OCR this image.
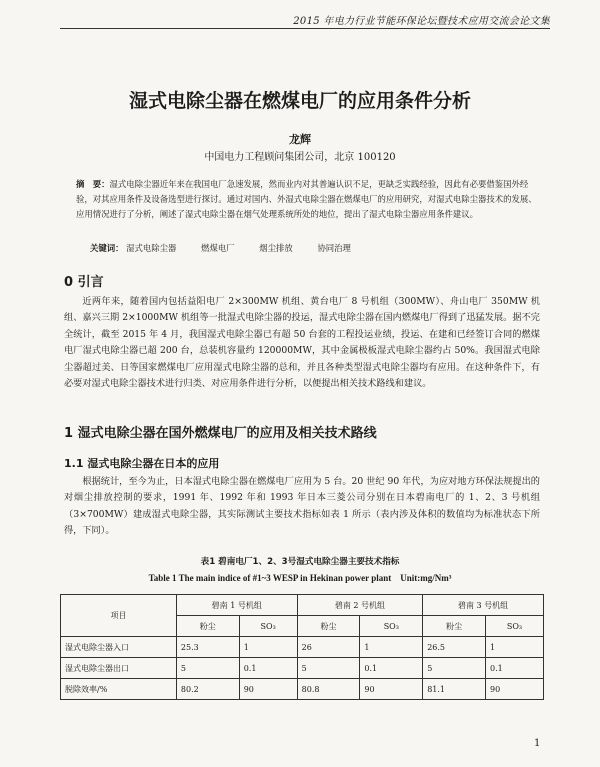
2015 年电力行业节能环保论坛暨技术应用交流会论文集
湿式电除尘器在燃煤电厂的应用条件分析
龙辉
中国电力工程顾问集团公司，北京 100120
摘　要：湿式电除尘器近年来在我国电厂急速发展，然而业内对其普遍认识不足，更缺乏实践经验，因此有必要借鉴国外经验，对其应用条件及设备选型进行探讨。通过对国内、外湿式电除尘器在燃煤电厂的应用研究，对湿式电除尘器技术的发展、应用情况进行了分析，阐述了湿式电除尘器在烟气处理系统所处的地位，提出了湿式电除尘器应用条件建议。
关键词： 湿式电除尘器	燃煤电厂	烟尘排放	协同治理
0 引言
近两年来，随着国内包括益阳电厂 2×300MW 机组、黄台电厂 8 号机组（300MW）、舟山电厂 350MW 机组、嘉兴三期 2×1000MW 机组等一批湿式电除尘器的投运，湿式电除尘器在国内燃煤电厂得到了迅猛发展。据不完全统计，截至 2015 年 4 月，我国湿式电除尘器已有超 50 台套的工程投运业绩，投运、在建和已经签订合同的燃煤电厂湿式电除尘器已超 200 台，总装机容量约 120000MW，其中金属极板湿式电除尘器约占 50%。我国湿式电除尘器超过美、日等国家燃煤电厂应用湿式电除尘器的总和，并且各种类型湿式电除尘器均有应用。在这种条件下，有必要对湿式电除尘器技术进行归类、对应用条件进行分析，以便提出相关技术路线和建议。
1 湿式电除尘器在国外燃煤电厂的应用及相关技术路线
1.1 湿式电除尘器在日本的应用
根据统计，至今为止，日本湿式电除尘器在燃煤电厂应用为 5 台。20 世纪 90 年代，为应对地方环保法规提出的对烟尘排放控制的要求，1991 年、1992 年和 1993 年日本三菱公司分别在日本碧南电厂的 1、2、3 号机组（3×700MW）建成湿式电除尘器，其实际测试主要技术指标如表 1 所示（表内涉及体积的数值均为标准状态下所得，下同）。
表1 碧南电厂1、2、3号湿式电除尘器主要技术指标
Table 1 The main indice of #1~3 WESP in Hekinan power plant　Unit:mg/Nm³
项目	碧南 1 号机组		碧南 2 号机组		碧南 3 号机组	
	粉尘	SO₃	粉尘	SO₃	粉尘	SO₃
湿式电除尘器入口	25.3	1	26	1	26.5	1
湿式电除尘器出口	5	0.1	5	0.1	5	0.1
脱除效率/%	80.2	90	80.8	90	81.1	90
1
